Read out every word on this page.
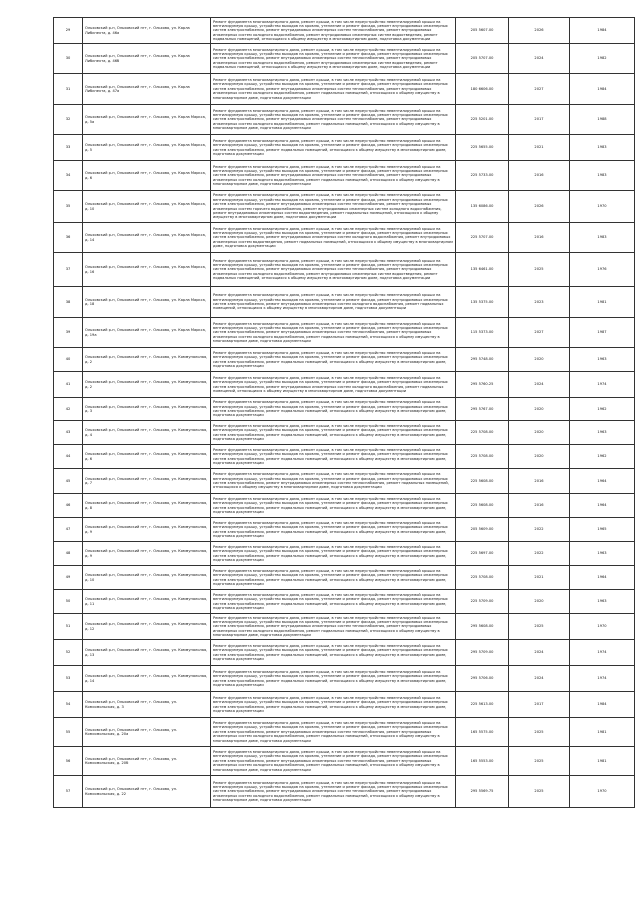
29	Ольховский р-н, Ольховский пгт, г. Ольхово, ул. Карла Либкнехта, д. 46а	Ремонт фундамента многоквартирного дома, ремонт крыши, в том числе переустройство невентилируемой крыши на вентилируемую крышу, устройство выходов на кровлю, утепление и ремонт фасада, ремонт внутридомовых инженерных систем электроснабжения, ремонт внутридомовых инженерных систем теплоснабжения, ремонт внутридомовых инженерных систем холодного водоснабжения, ремонт внутридомовых инженерных систем водоотведения, ремонт подвальных помещений, относящихся к общему имуществу в многоквартирном доме, подготовка документации	205 5607.00	2026	1984

30	Ольховский р-н, Ольховский пгт, г. Ольхово, ул. Карла Либкнехта, д. 46б	Ремонт фундамента многоквартирного дома, ремонт крыши, в том числе переустройство невентилируемой крыши на вентилируемую крышу, устройство выходов на кровлю, утепление и ремонт фасада, ремонт внутридомовых инженерных систем электроснабжения, ремонт внутридомовых инженерных систем теплоснабжения, ремонт внутридомовых инженерных систем холодного водоснабжения, ремонт внутридомовых инженерных систем водоотведения, ремонт подвальных помещений, относящихся к общему имуществу в многоквартирном доме, подготовка документации	205 5707.00	2024	1982

31	Ольховский р-н, Ольховский пгт, г. Ольхово, ул. Карла Либкнехта, д. 47а	Ремонт фундамента многоквартирного дома, ремонт крыши, в том числе переустройство невентилируемой крыши на вентилируемую крышу, устройство выходов на кровлю, утепление и ремонт фасада, ремонт внутридомовых инженерных систем электроснабжения, ремонт внутридомовых инженерных систем теплоснабжения, ремонт внутридомовых инженерных систем холодного водоснабжения, ремонт подвальных помещений, относящихся к общему имуществу в многоквартирном доме, подготовка документации	180 6606.00	2027	1984

32	Ольховский р-н, Ольховский пгт, г. Ольхово, ул. Карла Маркса, д. 5а	Ремонт фундамента многоквартирного дома, ремонт крыши, в том числе переустройство невентилируемой крыши на вентилируемую крышу, устройство выходов на кровлю, утепление и ремонт фасада, ремонт внутридомовых инженерных систем электроснабжения, ремонт внутридомовых инженерных систем теплоснабжения, ремонт внутридомовых инженерных систем холодного водоснабжения, ремонт подвальных помещений, относящихся к общему имуществу в многоквартирном доме, подготовка документации	225 5201.00	2017	1988

33	Ольховский р-н, Ольховский пгт, г. Ольхово, ул. Карла Маркса, д. 5	Ремонт фундамента многоквартирного дома, ремонт крыши, в том числе переустройство невентилируемой крыши на вентилируемую крышу, устройство выходов на кровлю, утепление и ремонт фасада, ремонт внутридомовых инженерных систем электроснабжения, ремонт подвальных помещений, относящихся к общему имуществу в многоквартирном доме, подготовка документации	225 5655.00	2021	1983

34	Ольховский р-н, Ольховский пгт, г. Ольхово, ул. Карла Маркса, д. 6	Ремонт фундамента многоквартирного дома, ремонт крыши, в том числе переустройство невентилируемой крыши на вентилируемую крышу, устройство выходов на кровлю, утепление и ремонт фасада, ремонт внутридомовых инженерных систем электроснабжения, ремонт внутридомовых инженерных систем теплоснабжения, ремонт внутридомовых инженерных систем холодного водоснабжения, ремонт подвальных помещений, относящихся к общему имуществу в многоквартирном доме, подготовка документации	225 5733.00	2016	1983

35	Ольховский р-н, Ольховский пгт, г. Ольхово, ул. Карла Маркса, д. 10	Ремонт фундамента многоквартирного дома, ремонт крыши, в том числе переустройство невентилируемой крыши на вентилируемую крышу, устройство выходов на кровлю, утепление и ремонт фасада, ремонт внутридомовых инженерных систем электроснабжения, ремонт внутридомовых инженерных систем теплоснабжения, ремонт внутридомовых инженерных систем горячего водоснабжения, ремонт внутридомовых инженерных систем холодного водоснабжения, ремонт внутридомовых инженерных систем водоотведения, ремонт подвальных помещений, относящихся к общему имуществу в многоквартирном доме, подготовка документации	135 6086.00	2026	1970

36	Ольховский р-н, Ольховский пгт, г. Ольхово, ул. Карла Маркса, д. 14	Ремонт фундамента многоквартирного дома, ремонт крыши, в том числе переустройство невентилируемой крыши на вентилируемую крышу, устройство выходов на кровлю, утепление и ремонт фасада, ремонт внутридомовых инженерных систем электроснабжения, ремонт внутридомовых инженерных систем холодного водоснабжения, ремонт внутридомовых инженерных систем водоотведения, ремонт подвальных помещений, относящихся к общему имуществу в многоквартирном доме, подготовка документации	225 5707.00	2016	1983

37	Ольховский р-н, Ольховский пгт, г. Ольхово, ул. Карла Маркса, д. 16	Ремонт фундамента многоквартирного дома, ремонт крыши, в том числе переустройство невентилируемой крыши на вентилируемую крышу, устройство выходов на кровлю, утепление и ремонт фасада, ремонт внутридомовых инженерных систем электроснабжения, ремонт внутридомовых инженерных систем теплоснабжения, ремонт внутридомовых инженерных систем холодного водоснабжения, ремонт внутридомовых инженерных систем водоотведения, ремонт подвальных помещений, относящихся к общему имуществу в многоквартирном доме, подготовка документации	135 6461.00	2025	1976

38	Ольховский р-н, Ольховский пгт, г. Ольхово, ул. Карла Маркса, д. 18	Ремонт фундамента многоквартирного дома, ремонт крыши, в том числе переустройство невентилируемой крыши на вентилируемую крышу, устройство выходов на кровлю, утепление и ремонт фасада, ремонт внутридомовых инженерных систем электроснабжения, ремонт внутридомовых инженерных систем холодного водоснабжения, ремонт подвальных помещений, относящихся к общему имуществу в многоквартирном доме, подготовка документации	135 5375.00	2023	1981

39	Ольховский р-н, Ольховский пгт, г. Ольхово, ул. Карла Маркса, д. 19а	Ремонт фундамента многоквартирного дома, ремонт крыши, в том числе переустройство невентилируемой крыши на вентилируемую крышу, устройство выходов на кровлю, утепление и ремонт фасада, ремонт внутридомовых инженерных систем электроснабжения, ремонт внутридомовых инженерных систем теплоснабжения, ремонт внутридомовых инженерных систем холодного водоснабжения, ремонт подвальных помещений, относящихся к общему имуществу в многоквартирном доме, подготовка документации	115 5373.00	2027	1987

40	Ольховский р-н, Ольховский пгт, г. Ольхово, ул. Коммунальная, д. 2	Ремонт фундамента многоквартирного дома, ремонт крыши, в том числе переустройство невентилируемой крыши на вентилируемую крышу, устройство выходов на кровлю, утепление и ремонт фасада, ремонт внутридомовых инженерных систем электроснабжения, ремонт подвальных помещений, относящихся к общему имуществу в многоквартирном доме, подготовка документации	295 5748.00	2020	1963

41	Ольховский р-н, Ольховский пгт, г. Ольхово, ул. Коммунальная, д. 2	Ремонт фундамента многоквартирного дома, ремонт крыши, в том числе переустройство невентилируемой крыши на вентилируемую крышу, устройство выходов на кровлю, утепление и ремонт фасада, ремонт внутридомовых инженерных систем электроснабжения, ремонт внутридомовых инженерных систем холодного водоснабжения, ремонт подвальных помещений, относящихся к общему имуществу в многоквартирном доме, подготовка документации	295 5760.25	2024	1974

42	Ольховский р-н, Ольховский пгт, г. Ольхово, ул. Коммунальная, д. 3	Ремонт фундамента многоквартирного дома, ремонт крыши, в том числе переустройство невентилируемой крыши на вентилируемую крышу, устройство выходов на кровлю, утепление и ремонт фасада, ремонт внутридомовых инженерных систем электроснабжения, ремонт подвальных помещений, относящихся к общему имуществу в многоквартирном доме, подготовка документации	295 5767.00	2020	1962

43	Ольховский р-н, Ольховский пгт, г. Ольхово, ул. Коммунальная, д. 4	Ремонт фундамента многоквартирного дома, ремонт крыши, в том числе переустройство невентилируемой крыши на вентилируемую крышу, устройство выходов на кровлю, утепление и ремонт фасада, ремонт внутридомовых инженерных систем электроснабжения, ремонт подвальных помещений, относящихся к общему имуществу в многоквартирном доме, подготовка документации	225 5708.00	2020	1963

44	Ольховский р-н, Ольховский пгт, г. Ольхово, ул. Коммунальная, д. 6	Ремонт фундамента многоквартирного дома, ремонт крыши, в том числе переустройство невентилируемой крыши на вентилируемую крышу, устройство выходов на кровлю, утепление и ремонт фасада, ремонт внутридомовых инженерных систем электроснабжения, ремонт подвальных помещений, относящихся к общему имуществу в многоквартирном доме, подготовка документации	225 5708.00	2020	1962

45	Ольховский р-н, Ольховский пгт, г. Ольхово, ул. Коммунальная, д. 7	Ремонт фундамента многоквартирного дома, ремонт крыши, в том числе переустройство невентилируемой крыши на вентилируемую крышу, устройство выходов на кровлю, утепление и ремонт фасада, ремонт внутридомовых инженерных систем электроснабжения, ремонт внутридомовых инженерных систем теплоснабжения, ремонт подвальных помещений, относящихся к общему имуществу в многоквартирном доме, подготовка документации	225 5608.00	2016	1964

46	Ольховский р-н, Ольховский пгт, г. Ольхово, ул. Коммунальная, д. 8	Ремонт фундамента многоквартирного дома, ремонт крыши, в том числе переустройство невентилируемой крыши на вентилируемую крышу, устройство выходов на кровлю, утепление и ремонт фасада, ремонт внутридомовых инженерных систем электроснабжения, ремонт подвальных помещений, относящихся к общему имуществу в многоквартирном доме, подготовка документации	225 5608.00	2016	1964

47	Ольховский р-н, Ольховский пгт, г. Ольхово, ул. Коммунальная, д. 9	Ремонт фундамента многоквартирного дома, ремонт крыши, в том числе переустройство невентилируемой крыши на вентилируемую крышу, устройство выходов на кровлю, утепление и ремонт фасада, ремонт внутридомовых инженерных систем электроснабжения, ремонт подвальных помещений, относящихся к общему имуществу в многоквартирном доме, подготовка документации	205 5609.00	2022	1965

48	Ольховский р-н, Ольховский пгт, г. Ольхово, ул. Коммунальная, д. 9	Ремонт фундамента многоквартирного дома, ремонт крыши, в том числе переустройство невентилируемой крыши на вентилируемую крышу, устройство выходов на кровлю, утепление и ремонт фасада, ремонт внутридомовых инженерных систем электроснабжения, ремонт подвальных помещений, относящихся к общему имуществу в многоквартирном доме, подготовка документации	225 5697.00	2022	1963

49	Ольховский р-н, Ольховский пгт, г. Ольхово, ул. Коммунальная, д. 10	Ремонт фундамента многоквартирного дома, ремонт крыши, в том числе переустройство невентилируемой крыши на вентилируемую крышу, устройство выходов на кровлю, утепление и ремонт фасада, ремонт внутридомовых инженерных систем электроснабжения, ремонт подвальных помещений, относящихся к общему имуществу в многоквартирном доме, подготовка документации	225 5708.00	2021	1964

50	Ольховский р-н, Ольховский пгт, г. Ольхово, ул. Коммунальная, д. 11	Ремонт фундамента многоквартирного дома, ремонт крыши, в том числе переустройство невентилируемой крыши на вентилируемую крышу, устройство выходов на кровлю, утепление и ремонт фасада, ремонт внутридомовых инженерных систем электроснабжения, ремонт подвальных помещений, относящихся к общему имуществу в многоквартирном доме, подготовка документации	225 5709.00	2020	1963

51	Ольховский р-н, Ольховский пгт, г. Ольхово, ул. Коммунальная, д. 12	Ремонт фундамента многоквартирного дома, ремонт крыши, в том числе переустройство невентилируемой крыши на вентилируемую крышу, устройство выходов на кровлю, утепление и ремонт фасада, ремонт внутридомовых инженерных систем электроснабжения, ремонт внутридомовых инженерных систем теплоснабжения, ремонт внутридомовых инженерных систем холодного водоснабжения, ремонт подвальных помещений, относящихся к общему имуществу в многоквартирном доме, подготовка документации	295 5608.00	2025	1970

52	Ольховский р-н, Ольховский пгт, г. Ольхово, ул. Коммунальная, д. 13	Ремонт фундамента многоквартирного дома, ремонт крыши, в том числе переустройство невентилируемой крыши на вентилируемую крышу, устройство выходов на кровлю, утепление и ремонт фасада, ремонт внутридомовых инженерных систем электроснабжения, ремонт подвальных помещений, относящихся к общему имуществу в многоквартирном доме, подготовка документации	295 5709.00	2024	1974

53	Ольховский р-н, Ольховский пгт, г. Ольхово, ул. Коммунальная, д. 14	Ремонт фундамента многоквартирного дома, ремонт крыши, в том числе переустройство невентилируемой крыши на вентилируемую крышу, устройство выходов на кровлю, утепление и ремонт фасада, ремонт внутридомовых инженерных систем электроснабжения, ремонт подвальных помещений, относящихся к общему имуществу в многоквартирном доме, подготовка документации	295 5706.00	2024	1974

54	Ольховский р-н, Ольховский пгт, г. Ольхово, ул. Комсомольская, д. 3	Ремонт фундамента многоквартирного дома, ремонт крыши, в том числе переустройство невентилируемой крыши на вентилируемую крышу, устройство выходов на кровлю, утепление и ремонт фасада, ремонт внутридомовых инженерных систем электроснабжения, ремонт подвальных помещений, относящихся к общему имуществу в многоквартирном доме, подготовка документации	225 5613.00	2017	1984

55	Ольховский р-н, Ольховский пгт, г. Ольхово, ул. Комсомольская, д. 20а	Ремонт фундамента многоквартирного дома, ремонт крыши, в том числе переустройство невентилируемой крыши на вентилируемую крышу, устройство выходов на кровлю, утепление и ремонт фасада, ремонт внутридомовых инженерных систем электроснабжения, ремонт внутридомовых инженерных систем теплоснабжения, ремонт внутридомовых инженерных систем холодного водоснабжения, ремонт подвальных помещений, относящихся к общему имуществу в многоквартирном доме, подготовка документации	165 5575.00	2025	1981

56	Ольховский р-н, Ольховский пгт, г. Ольхово, ул. Комсомольская, д. 20б	Ремонт фундамента многоквартирного дома, ремонт крыши, в том числе переустройство невентилируемой крыши на вентилируемую крышу, устройство выходов на кровлю, утепление и ремонт фасада, ремонт внутридомовых инженерных систем электроснабжения, ремонт внутридомовых инженерных систем теплоснабжения, ремонт внутридомовых инженерных систем холодного водоснабжения, ремонт подвальных помещений, относящихся к общему имуществу в многоквартирном доме, подготовка документации	165 5553.00	2025	1981

57	Ольховский р-н, Ольховский пгт, г. Ольхово, ул. Комсомольская, д. 22	Ремонт фундамента многоквартирного дома, ремонт крыши, в том числе переустройство невентилируемой крыши на вентилируемую крышу, устройство выходов на кровлю, утепление и ремонт фасада, ремонт внутридомовых инженерных систем электроснабжения, ремонт внутридомовых инженерных систем теплоснабжения, ремонт внутридомовых инженерных систем холодного водоснабжения, ремонт подвальных помещений, относящихся к общему имуществу в многоквартирном доме, подготовка документации	295 5569.75	2025	1970
